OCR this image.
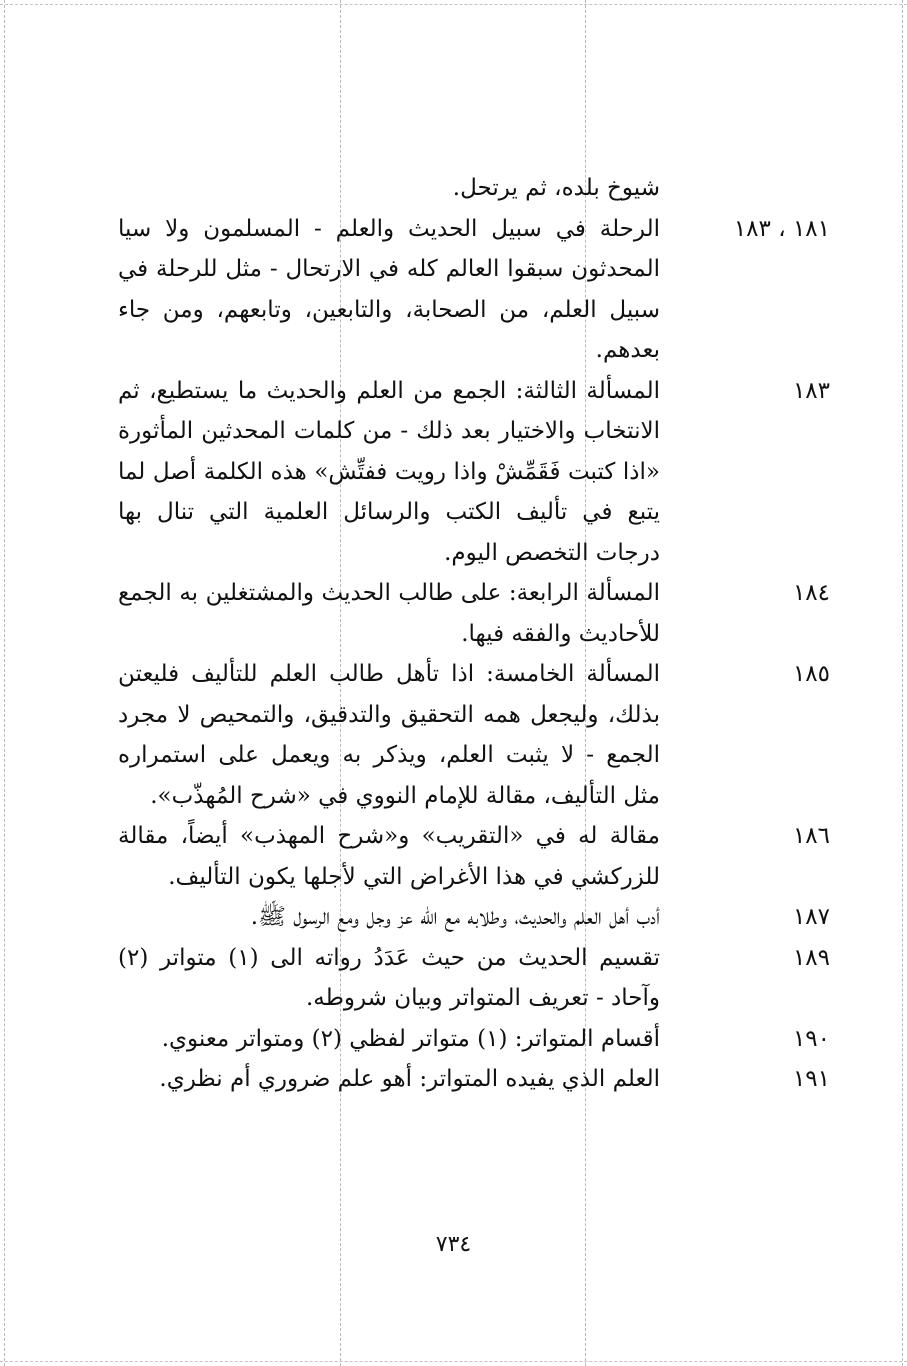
شيوخ بلده، ثم يرتحل.
١٨١ ، ١٨٣
الرحلة في سبيل الحديث والعلم - المسلمون ولا سيا المحدثون سبقوا العالم كله في الارتحال - مثل للرحلة في سبيل العلم، من الصحابة، والتابعين، وتابعهم، ومن جاء بعدهم.
١٨٣
المسألة الثالثة: الجمع من العلم والحديث ما يستطيع، ثم الانتخاب والاختيار بعد ذلك - من كلمات المحدثين المأثورة «اذا كتبت فَقَمِّشْ واذا رويت ففتِّش» هذه الكلمة أصل لما يتبع في تأليف الكتب والرسائل العلمية التي تنال بها درجات التخصص اليوم.
١٨٤
المسألة الرابعة: على طالب الحديث والمشتغلين به الجمع للأحاديث والفقه فيها.
١٨٥
المسألة الخامسة: اذا تأهل طالب العلم للتأليف فليعتن بذلك، وليجعل همه التحقيق والتدقيق، والتمحيص لا مجرد الجمع - لا يثبت العلم، ويذكر به ويعمل على استمراره مثل التأليف، مقالة للإمام النووي في «شرح المُهذّب».
١٨٦
مقالة له في «التقريب» و«شرح المهذب» أيضاً، مقالة للزركشي في هذا الأغراض التي لأجلها يكون التأليف.
١٨٧
أدب أهل العلم والحديث، وطلابه مع الله عز وجل ومع الرسول ﷺ.
١٨٩
تقسيم الحديث من حيث عَدَدُ رواته الى (١) متواتر (٢) وآحاد - تعريف المتواتر وبيان شروطه.
١٩٠
أقسام المتواتر: (١) متواتر لفظي (٢) ومتواتر معنوي.
١٩١
العلم الذي يفيده المتواتر: أهو علم ضروري أم نظري.
٧٣٤
